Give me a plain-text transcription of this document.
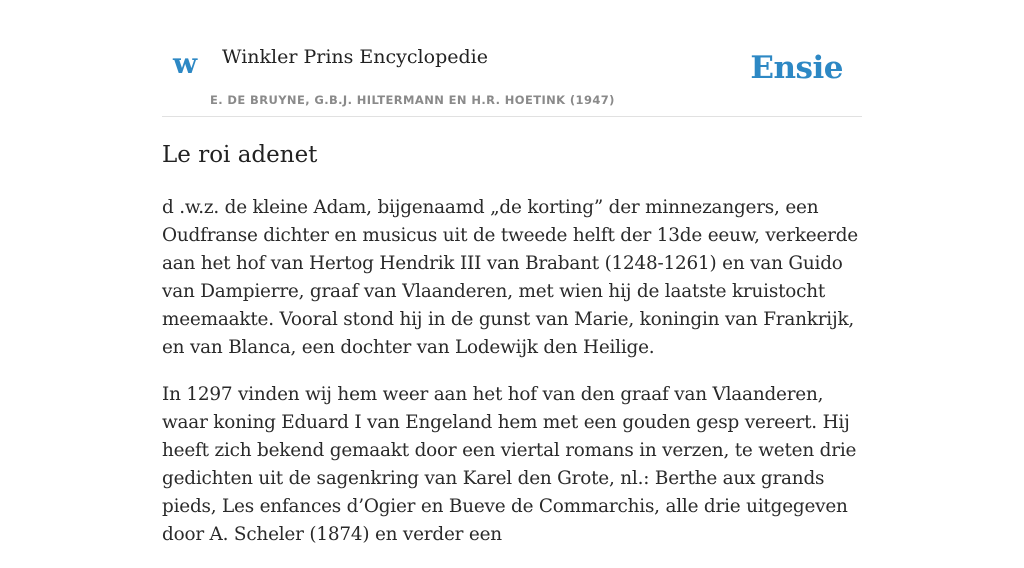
w Winkler Prins Encyclopedie
E. DE BRUYNE, G.B.J. HILTERMANN EN H.R. HOETINK (1947)
Ensie
Le roi adenet

d .w.z. de kleine Adam, bijgenaamd „de korting” der minnezangers, een Oudfranse dichter en musicus uit de tweede helft der 13de eeuw, verkeerde aan het hof van Hertog Hendrik III van Brabant (1248-1261) en van Guido van Dampierre, graaf van Vlaanderen, met wien hij de laatste kruistocht meemaakte. Vooral stond hij in de gunst van Marie, koningin van Frankrijk, en van Blanca, een dochter van Lodewijk den Heilige.

In 1297 vinden wij hem weer aan het hof van den graaf van Vlaanderen, waar koning Eduard I van Engeland hem met een gouden gesp vereert. Hij heeft zich bekend gemaakt door een viertal romans in verzen, te weten drie gedichten uit de sagenkring van Karel den Grote, nl.: Berthe aux grands pieds, Les enfances d’Ogier en Bueve de Commarchis, alle drie uitgegeven door A. Scheler (1874) en verder een
